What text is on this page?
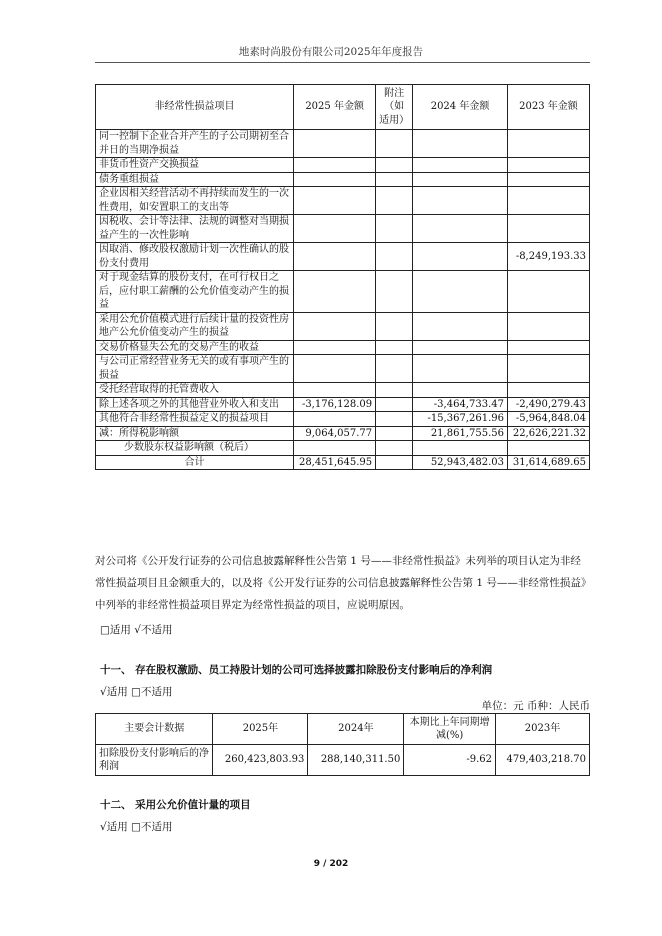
地素时尚股份有限公司2025年年度报告
非经常性损益项目	2025 年金额	附注（如适用）	2024 年金额	2023 年金额
同一控制下企业合并产生的子公司期初至合并日的当期净损益				
非货币性资产交换损益				
债务重组损益				
企业因相关经营活动不再持续而发生的一次性费用，如安置职工的支出等				
因税收、会计等法律、法规的调整对当期损益产生的一次性影响				
因取消、修改股权激励计划一次性确认的股份支付费用				-8,249,193.33
对于现金结算的股份支付，在可行权日之后，应付职工薪酬的公允价值变动产生的损益				
采用公允价值模式进行后续计量的投资性房地产公允价值变动产生的损益				
交易价格显失公允的交易产生的收益				
与公司正常经营业务无关的或有事项产生的损益				
受托经营取得的托管费收入				
除上述各项之外的其他营业外收入和支出	-3,176,128.09		-3,464,733.47	-2,490,279.43
其他符合非经常性损益定义的损益项目			-15,367,261.96	-5,964,848.04
减：所得税影响额	9,064,057.77		21,861,755.56	22,626,221.32
少数股东权益影响额（税后）				
合计	28,451,645.95		52,943,482.03	31,614,689.65
对公司将《公开发行证券的公司信息披露解释性公告第 1 号——非经常性损益》未列举的项目认定为非经常性损益项目且金额重大的，以及将《公开发行证券的公司信息披露解释性公告第 1 号——非经常性损益》中列举的非经常性损益项目界定为经常性损益的项目，应说明原因。
□适用 √不适用
十一、 存在股权激励、员工持股计划的公司可选择披露扣除股份支付影响后的净利润
√适用 □不适用
单位：元 币种：人民币
主要会计数据	2025年	2024年	本期比上年同期增减(%)	2023年
扣除股份支付影响后的净利润	260,423,803.93	288,140,311.50	-9.62	479,403,218.70
十二、 采用公允价值计量的项目
√适用 □不适用
9 / 202
